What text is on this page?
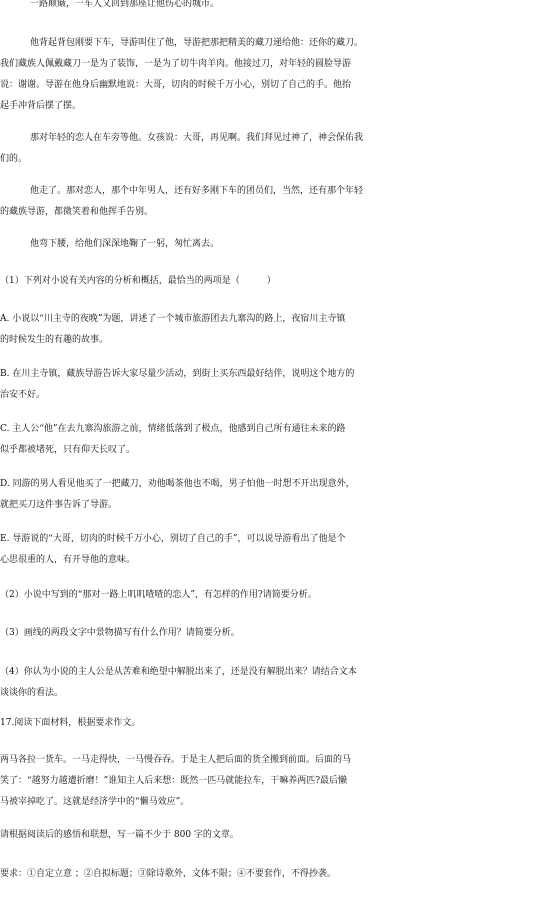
一路颠簸，一车人又回到那座让他伤心的城市。
他背起背包刚要下车，导游叫住了他，导游把那把精美的藏刀递给他：还你的藏刀。
我们藏族人佩戴藏刀一是为了装饰，一是为了切牛肉羊肉。他接过刀，对年轻的圆脸导游
说：谢谢。导游在他身后幽默地说：大哥，切肉的时候千万小心，别切了自己的手。他抬
起手冲背后摆了摆。
那对年轻的恋人在车旁等他。女孩说：大哥，再见啊。我们拜见过神了，神会保佑我
们的。
他走了。那对恋人，那个中年男人，还有好多刚下车的团员们，当然，还有那个年轻
的藏族导游，都微笑着和他挥手告别。
他弯下腰，给他们深深地鞠了一躬，匆忙离去。
（1）下列对小说有关内容的分析和概括，最恰当的两项是（　　　）
A. 小说以“川主寺的夜晚”为题，讲述了一个城市旅游团去九寨沟的路上，夜宿川主寺镇
的时候发生的有趣的故事。
B. 在川主寺镇，藏族导游告诉大家尽量少活动，到街上买东西最好结伴，说明这个地方的
治安不好。
C. 主人公“他”在去九寨沟旅游之前，情绪低落到了极点，他感到自己所有通往未来的路
似乎都被堵死，只有仰天长叹了。
D. 同游的男人看见他买了一把藏刀，劝他喝茶他也不喝，男子怕他一时想不开出现意外，
就把买刀这件事告诉了导游。
E. 导游说的“大哥，切肉的时候千万小心，别切了自己的手”，可以说导游看出了他是个
心思很重的人，有开导他的意味。
（2）小说中写到的“那对一路上叽叽喳喳的恋人”，有怎样的作用?请简要分析。
（3）画线的两段文字中景物描写有什么作用？请简要分析。
（4）你认为小说的主人公是从苦难和绝望中解脱出来了，还是没有解脱出来？请结合文本
谈谈你的看法。
17.阅读下面材料，根据要求作文。
两马各拉一货车。一马走得快，一马慢吞吞。于是主人把后面的货全搬到前面。后面的马
笑了：“越努力越遭折磨！”谁知主人后来想：既然一匹马就能拉车，干嘛养两匹?最后懒
马被宰掉吃了。这就是经济学中的“懒马效应”。
请根据阅读后的感悟和联想，写一篇不少于 800 字的文章。
要求：①自定立意 ；②自拟标题；③除诗歌外，文体不限；④不要套作，不得抄袭。
